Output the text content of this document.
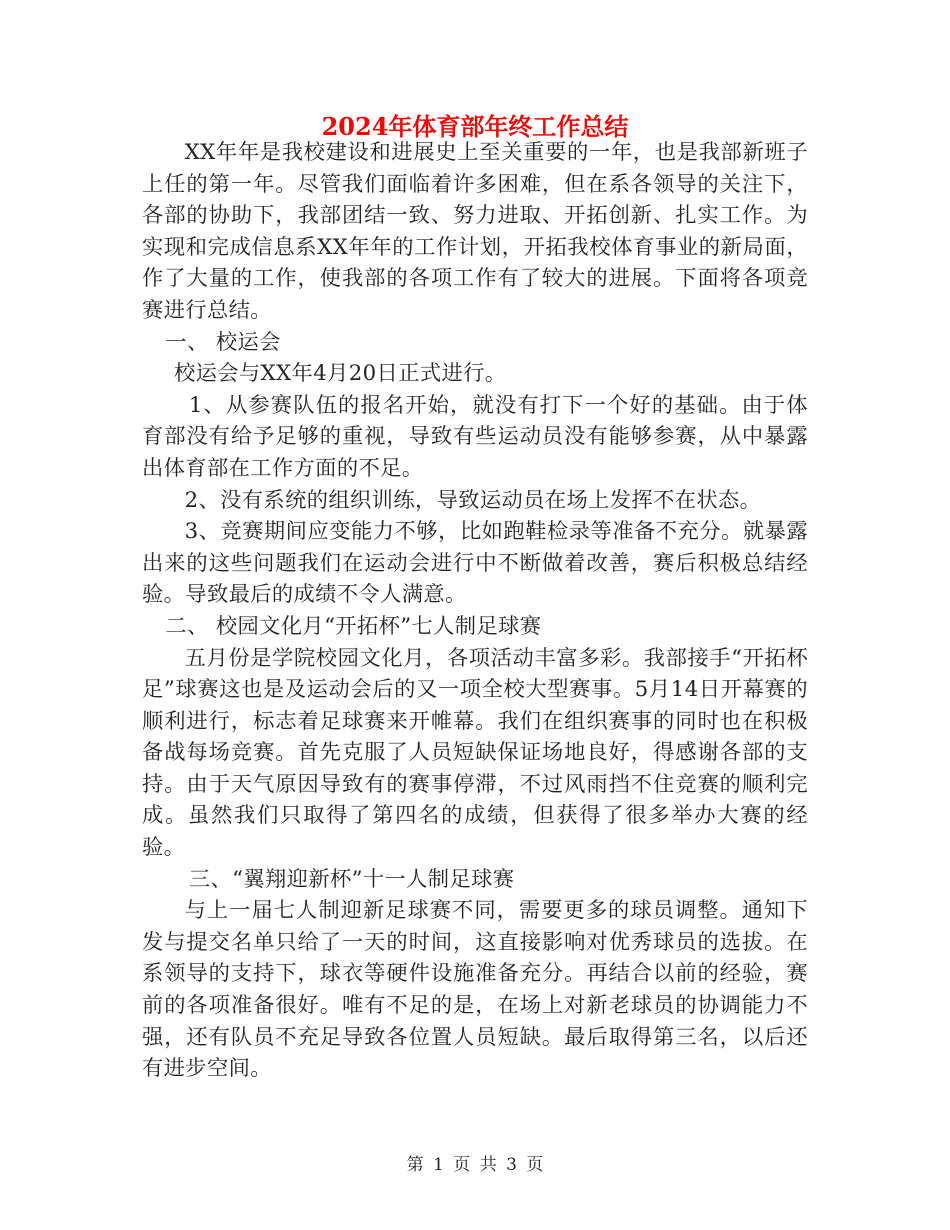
2024年体育部年终工作总结

XX年年是我校建设和进展史上至关重要的一年，也是我部新班子上任的第一年。尽管我们面临着许多困难，但在系各领导的关注下，各部的协助下，我部团结一致、努力进取、开拓创新、扎实工作。为实现和完成信息系XX年年的工作计划，开拓我校体育事业的新局面，作了大量的工作，使我部的各项工作有了较大的进展。下面将各项竞赛进行总结。

一、 校运会

校运会与XX年4月20日正式进行。

1、从参赛队伍的报名开始，就没有打下一个好的基础。由于体育部没有给予足够的重视，导致有些运动员没有能够参赛，从中暴露出体育部在工作方面的不足。

2、没有系统的组织训练，导致运动员在场上发挥不在状态。

3、竞赛期间应变能力不够，比如跑鞋检录等准备不充分。就暴露出来的这些问题我们在运动会进行中不断做着改善，赛后积极总结经验。导致最后的成绩不令人满意。

二、 校园文化月“开拓杯”七人制足球赛

五月份是学院校园文化月，各项活动丰富多彩。我部接手“开拓杯足”球赛这也是及运动会后的又一项全校大型赛事。5月14日开幕赛的顺利进行，标志着足球赛来开帷幕。我们在组织赛事的同时也在积极备战每场竞赛。首先克服了人员短缺保证场地良好，得感谢各部的支持。由于天气原因导致有的赛事停滞，不过风雨挡不住竞赛的顺利完成。虽然我们只取得了第四名的成绩，但获得了很多举办大赛的经验。

三、“翼翔迎新杯”十一人制足球赛

与上一届七人制迎新足球赛不同，需要更多的球员调整。通知下发与提交名单只给了一天的时间，这直接影响对优秀球员的选拔。在系领导的支持下，球衣等硬件设施准备充分。再结合以前的经验，赛前的各项准备很好。唯有不足的是，在场上对新老球员的协调能力不强，还有队员不充足导致各位置人员短缺。最后取得第三名，以后还有进步空间。

第 1 页 共 3 页
